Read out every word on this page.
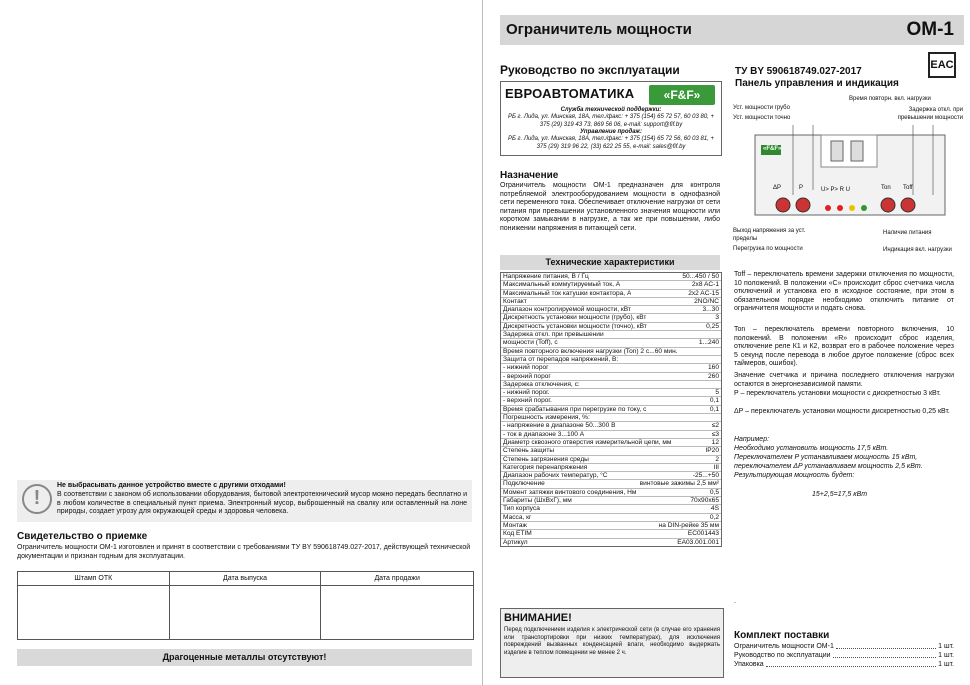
!
Не выбрасывать данное устройство вместе с другими отходами!
В соответствии с законом об использовании оборудования, бытовой электротехнический мусор можно передать бесплатно и в любом количестве в специальный пункт приема. Электронный мусор, выброшенный на свалку или оставленный на лоне природы, создает угрозу для окружающей среды и здоровья человека.
Свидетельство о приемке
Ограничитель мощности ОМ-1 изготовлен и принят в соответствии с требованиями ТУ BY 590618749.027-2017, действующей технической документации и признан годным для эксплуатации.
Штамп ОТК	Дата выпуска	Дата продажи
Драгоценные металлы отсутствуют!
Ограничитель мощности	ОМ-1
Руководство по эксплуатации
ЕВРОАВТОМАТИКА	«F&F»
Служба технической поддержки:
РБ г. Лида, ул. Минская, 18А, тел./факс: + 375 (154) 65 72 57, 60 03 80, + 375 (29) 319 43 73, 869 56 06, e-mail: support@fif.by
Управление продаж:
РБ г. Лида, ул. Минская, 18А, тел./факс: + 375 (154) 65 72 56, 60 03 81, + 375 (29) 319 96 22, (33) 622 25 55, e-mail: sales@fif.by
Назначение
Ограничитель мощности ОМ-1 предназначен для контроля потребляемой электрооборудованием мощности в однофазной сети переменного тока. Обеспечивает отключение нагрузки от сети питания при превышении установленного значения мощности или коротком замыкании в нагрузке, а так же при повышении, либо понижении напряжения в питающей сети.
Технические характеристики
Напряжение питания, В / Гц	50...450 / 50
Максимальный коммутируемый ток, А	2x8 AC-1
Максимальный ток катушки контактора, А	2x2 AC-15
Контакт	2NO/NC
Диапазон контролируемой мощности, кВт	3...30
Дискретность установки мощности (грубо), кВт	3
Дискретность установки мощности (точно), кВт	0,25
Задержка откл. при превышении
мощности (Toff), с	1...240
Время повторного включения нагрузки (Ton) 2 с...60 мин.
Защита от перепадов напряжений, В:
- нижний порог	160
- верхний порог	260
Задержка отключения, с:
- нижний порог.	5
- верхний порог.	0,1
Время срабатывания при перегрузке по току, с	0,1
Погрешность измерения, %:
- напряжение в диапазоне 50...300 В	≤2
- ток в диапазоне 3...100 А	≤3
Диаметр сквозного отверстия измерительной цепи, мм	12
Степень защиты	IP20
Степень загрязнения среды	2
Категория перенапряжения	III
Диапазон рабочих температур, °С	-25...+50
Подключение	винтовые зажимы 2,5 мм²
Момент затяжки винтового соединения, Нм	0,5
Габариты (ШxВxГ), мм	70x90x65
Тип корпуса	4S
Масса, кг	0,2
Монтаж	на DIN-рейке 35 мм
Код ETIM	EC001443
Артикул	EA03.001.001
ВНИМАНИЕ!
Перед подключением изделия к электрической сети (в случае его хранения или транспортировки при низких температурах), для исключения повреждений вызванных конденсацией влаги, необходимо выдержать изделие в теплом помещении не менее 2 ч.
ТУ BY 590618749.027-2017
Панель управления и индикация
EAC
Уст. мощности грубо
Уст. мощности точно
Время повторн. вкл. нагрузки
Задержка откл. при превышении мощности
U> P> R U
ΔP	P	Ton Toff
«F&F»
Выход напряжения за уст. пределы
Перегрузка по мощности
Наличие питания
Индикация вкл. нагрузки
Toff – переключатель времени задержки отключения по мощности, 10 положений. В положении «С» происходит сброс счетчика числа отключений и установка его в исходное состояние, при этом в обязательном порядке необходимо отключить питание от ограничителя мощности и подать снова.
Ton – переключатель времени повторного включения, 10 положений. В положении «R» происходит сброс изделия, отключение реле К1 и К2, возврат его в рабочее положение через 5 секунд после перевода в любое другое положение (сброс всех таймеров, ошибок).
Значение счетчика и причина последнего отключения нагрузки остаются в энергонезависимой памяти.
P – переключатель установки мощности с дискретностью 3 кВт.
ΔP – переключатель установки мощности дискретностью 0,25 кВт.
Например:
Необходимо установить мощность 17,5 кВт.
Переключателем P устанавливаем мощность 15 кВт,
переключателем ΔP устанавливаем мощность 2,5 кВт.
Результирующая мощность будет:
15+2,5=17,5 кВт
.
Комплект поставки
Ограничитель мощности ОМ-1	1 шт.
Руководство по эксплуатации	1 шт.
Упаковка	1 шт.
